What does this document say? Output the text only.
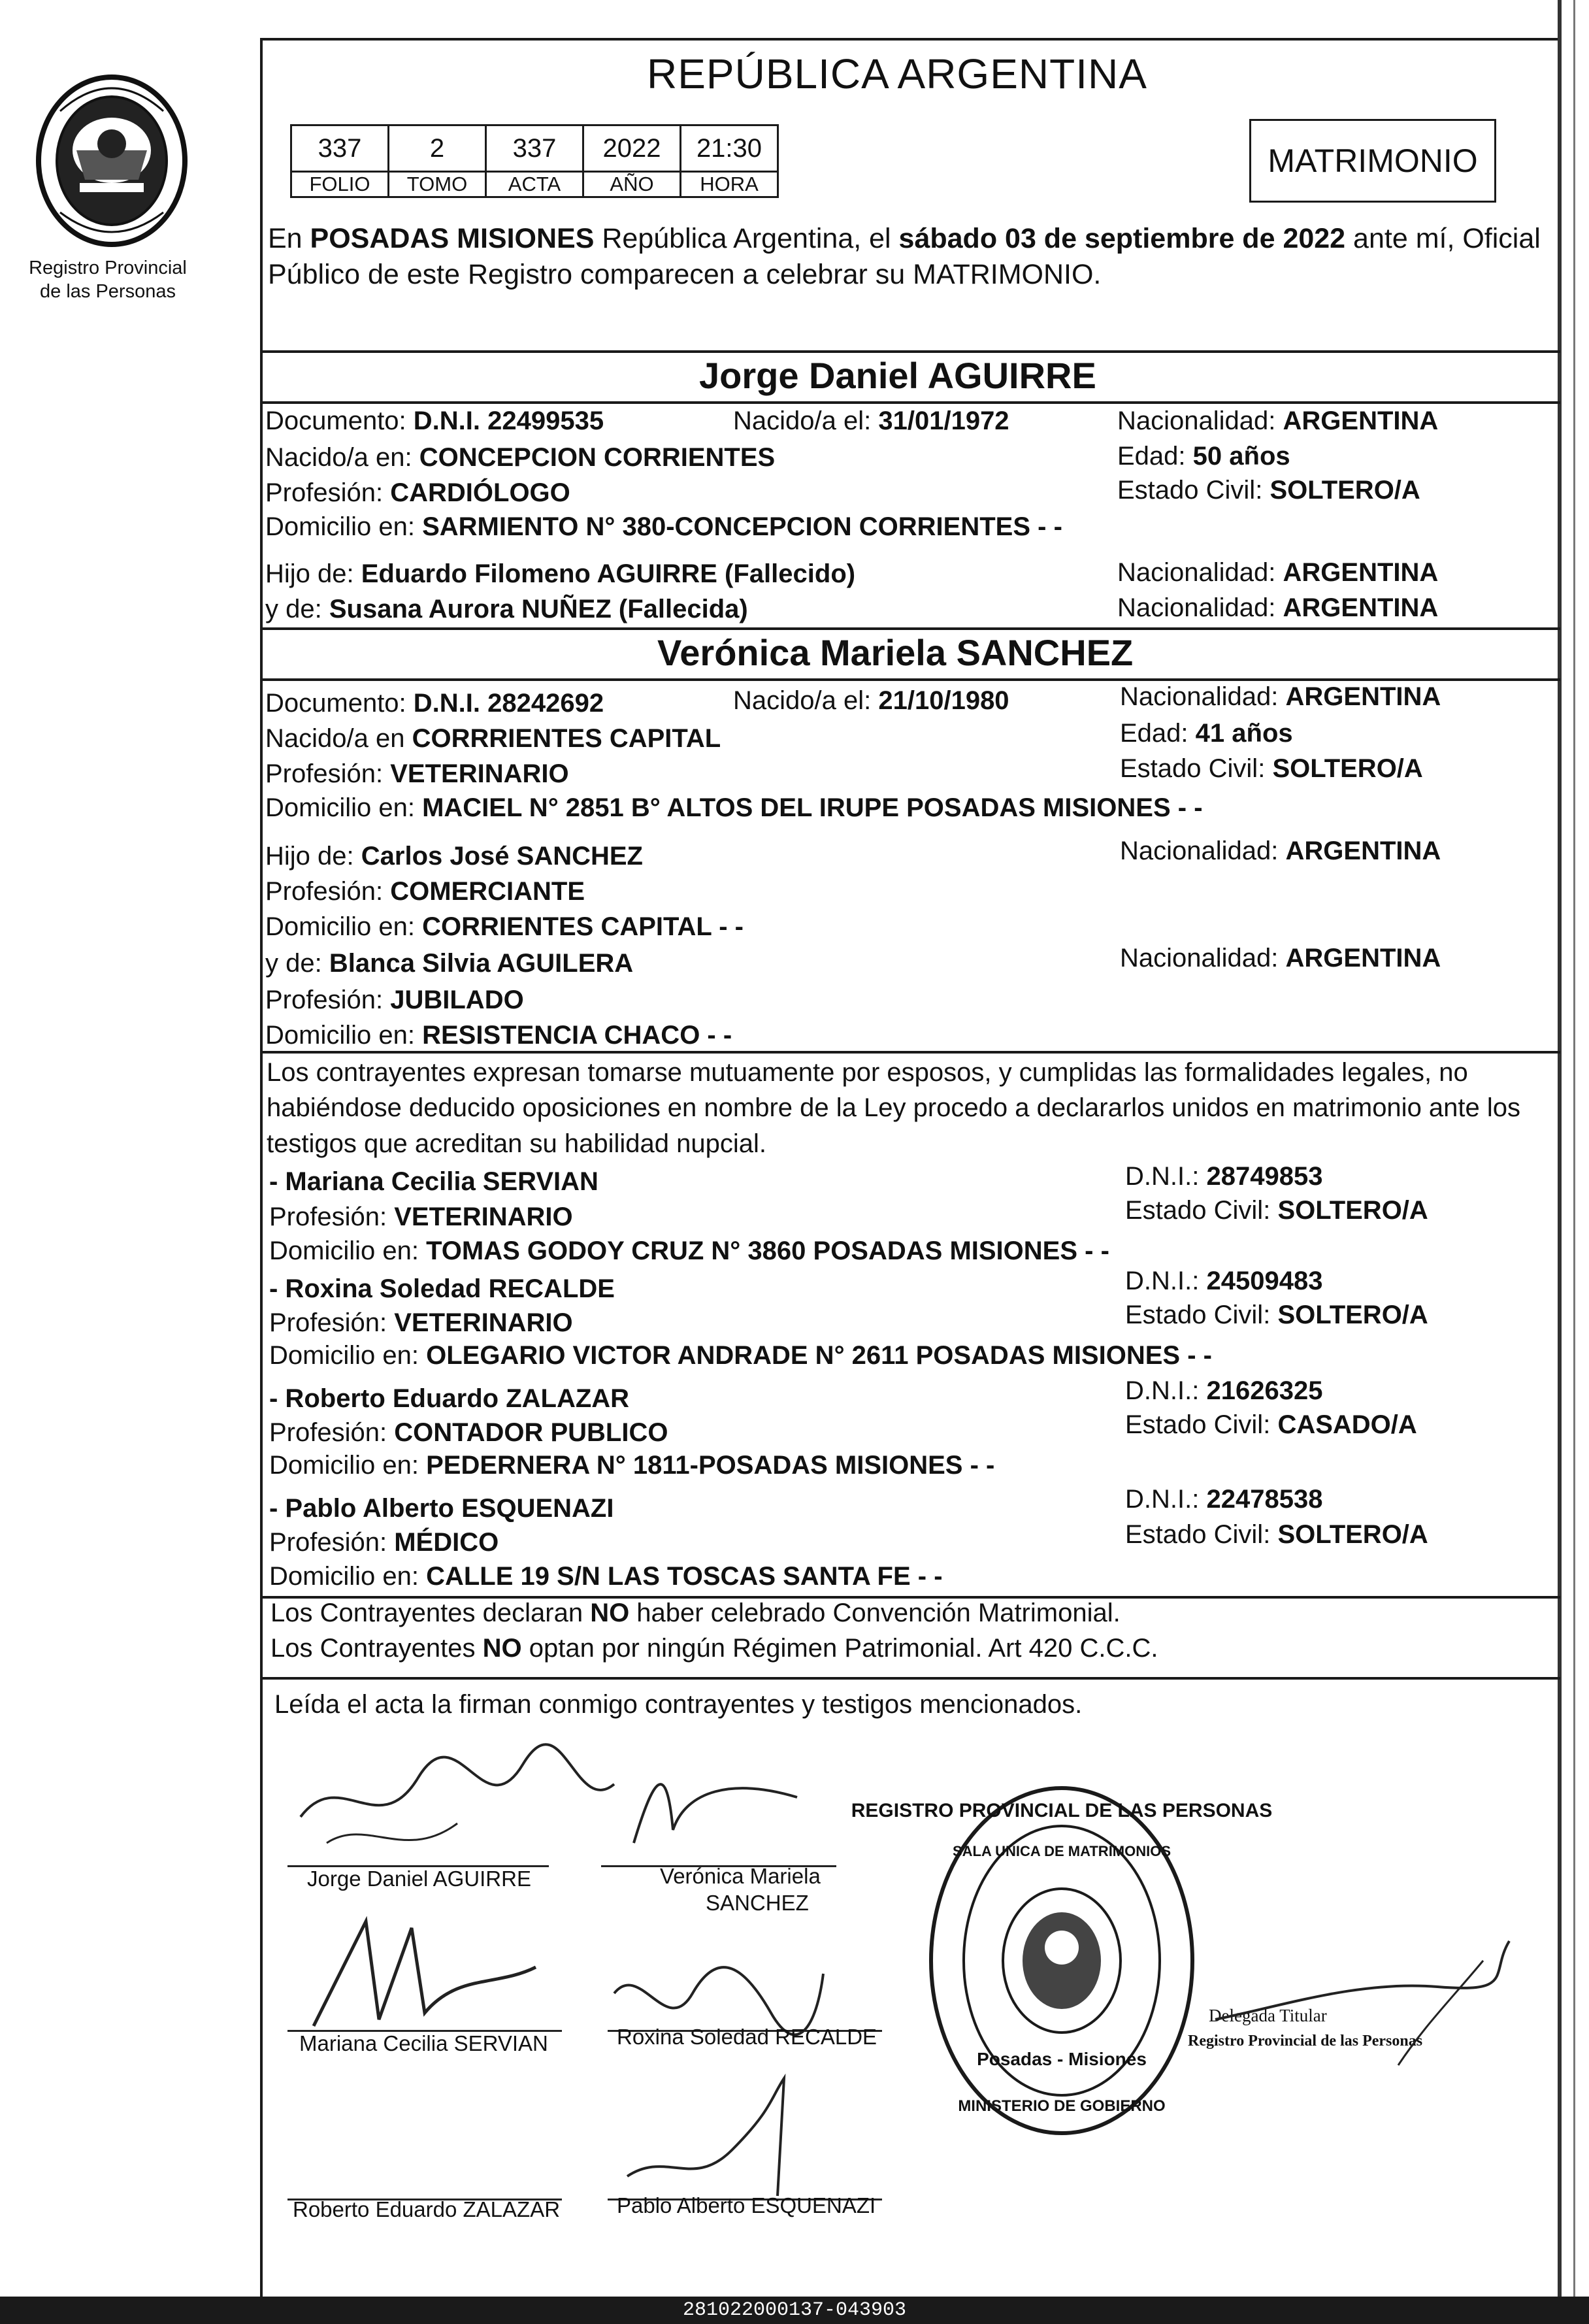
Registro Provincial
de las Personas
REPÚBLICA ARGENTINA
337	2	337	2022	21:30
FOLIO	TOMO	ACTA	AÑO	HORA
MATRIMONIO
En POSADAS MISIONES República Argentina, el sábado 03 de septiembre de 2022 ante mí, Oficial Público de este Registro comparecen a celebrar su MATRIMONIO.
Jorge Daniel AGUIRRE
Documento: D.N.I. 22499535	Nacido/a el: 31/01/1972	Nacionalidad: ARGENTINA
Nacido/a en: CONCEPCION CORRIENTES	Edad: 50 años
Profesión: CARDIÓLOGO	Estado Civil: SOLTERO/A
Domicilio en: SARMIENTO N° 380-CONCEPCION CORRIENTES - -
Hijo de: Eduardo Filomeno AGUIRRE (Fallecido)	Nacionalidad: ARGENTINA
y de: Susana Aurora NUÑEZ (Fallecida)	Nacionalidad: ARGENTINA
Verónica Mariela SANCHEZ
Documento: D.N.I. 28242692	Nacido/a el: 21/10/1980	Nacionalidad: ARGENTINA
Nacido/a en CORRRIENTES CAPITAL	Edad: 41 años
Profesión: VETERINARIO	Estado Civil: SOLTERO/A
Domicilio en: MACIEL N° 2851 B° ALTOS DEL IRUPE POSADAS MISIONES - -
Hijo de: Carlos José SANCHEZ	Nacionalidad: ARGENTINA
Profesión: COMERCIANTE
Domicilio en: CORRIENTES CAPITAL - -
y de: Blanca Silvia AGUILERA	Nacionalidad: ARGENTINA
Profesión: JUBILADO
Domicilio en: RESISTENCIA CHACO - -
Los contrayentes expresan tomarse mutuamente por esposos, y cumplidas las formalidades legales, no habiéndose deducido oposiciones en nombre de la Ley procedo a declararlos unidos en matrimonio ante los testigos que acreditan su habilidad nupcial.
- Mariana Cecilia SERVIAN	D.N.I.: 28749853
Profesión: VETERINARIO	Estado Civil: SOLTERO/A
Domicilio en: TOMAS GODOY CRUZ N° 3860 POSADAS MISIONES - -
- Roxina Soledad RECALDE	D.N.I.: 24509483
Profesión: VETERINARIO	Estado Civil: SOLTERO/A
Domicilio en: OLEGARIO VICTOR ANDRADE N° 2611 POSADAS MISIONES - -
- Roberto Eduardo ZALAZAR	D.N.I.: 21626325
Profesión: CONTADOR PUBLICO	Estado Civil: CASADO/A
Domicilio en: PEDERNERA N° 1811-POSADAS MISIONES - -
- Pablo Alberto ESQUENAZI	D.N.I.: 22478538
Profesión: MÉDICO	Estado Civil: SOLTERO/A
Domicilio en: CALLE 19 S/N LAS TOSCAS SANTA FE - -
Los Contrayentes declaran NO haber celebrado Convención Matrimonial.
Los Contrayentes NO optan por ningún Régimen Patrimonial. Art 420 C.C.C.
Leída el acta la firman conmigo contrayentes y testigos mencionados.
Jorge Daniel AGUIRRE	Verónica Mariela
SANCHEZ
Mariana Cecilia SERVIAN	Roxina Soledad RECALDE
Roberto Eduardo ZALAZAR	Pablo Alberto ESQUENAZI
REGISTRO PROVINCIAL DE LAS PERSONAS
SALA UNICA DE MATRIMONIOS
Posadas - Misiones
MINISTERIO DE GOBIERNO
Delegada Titular
Registro Provincial de las Personas
281022000137-043903
